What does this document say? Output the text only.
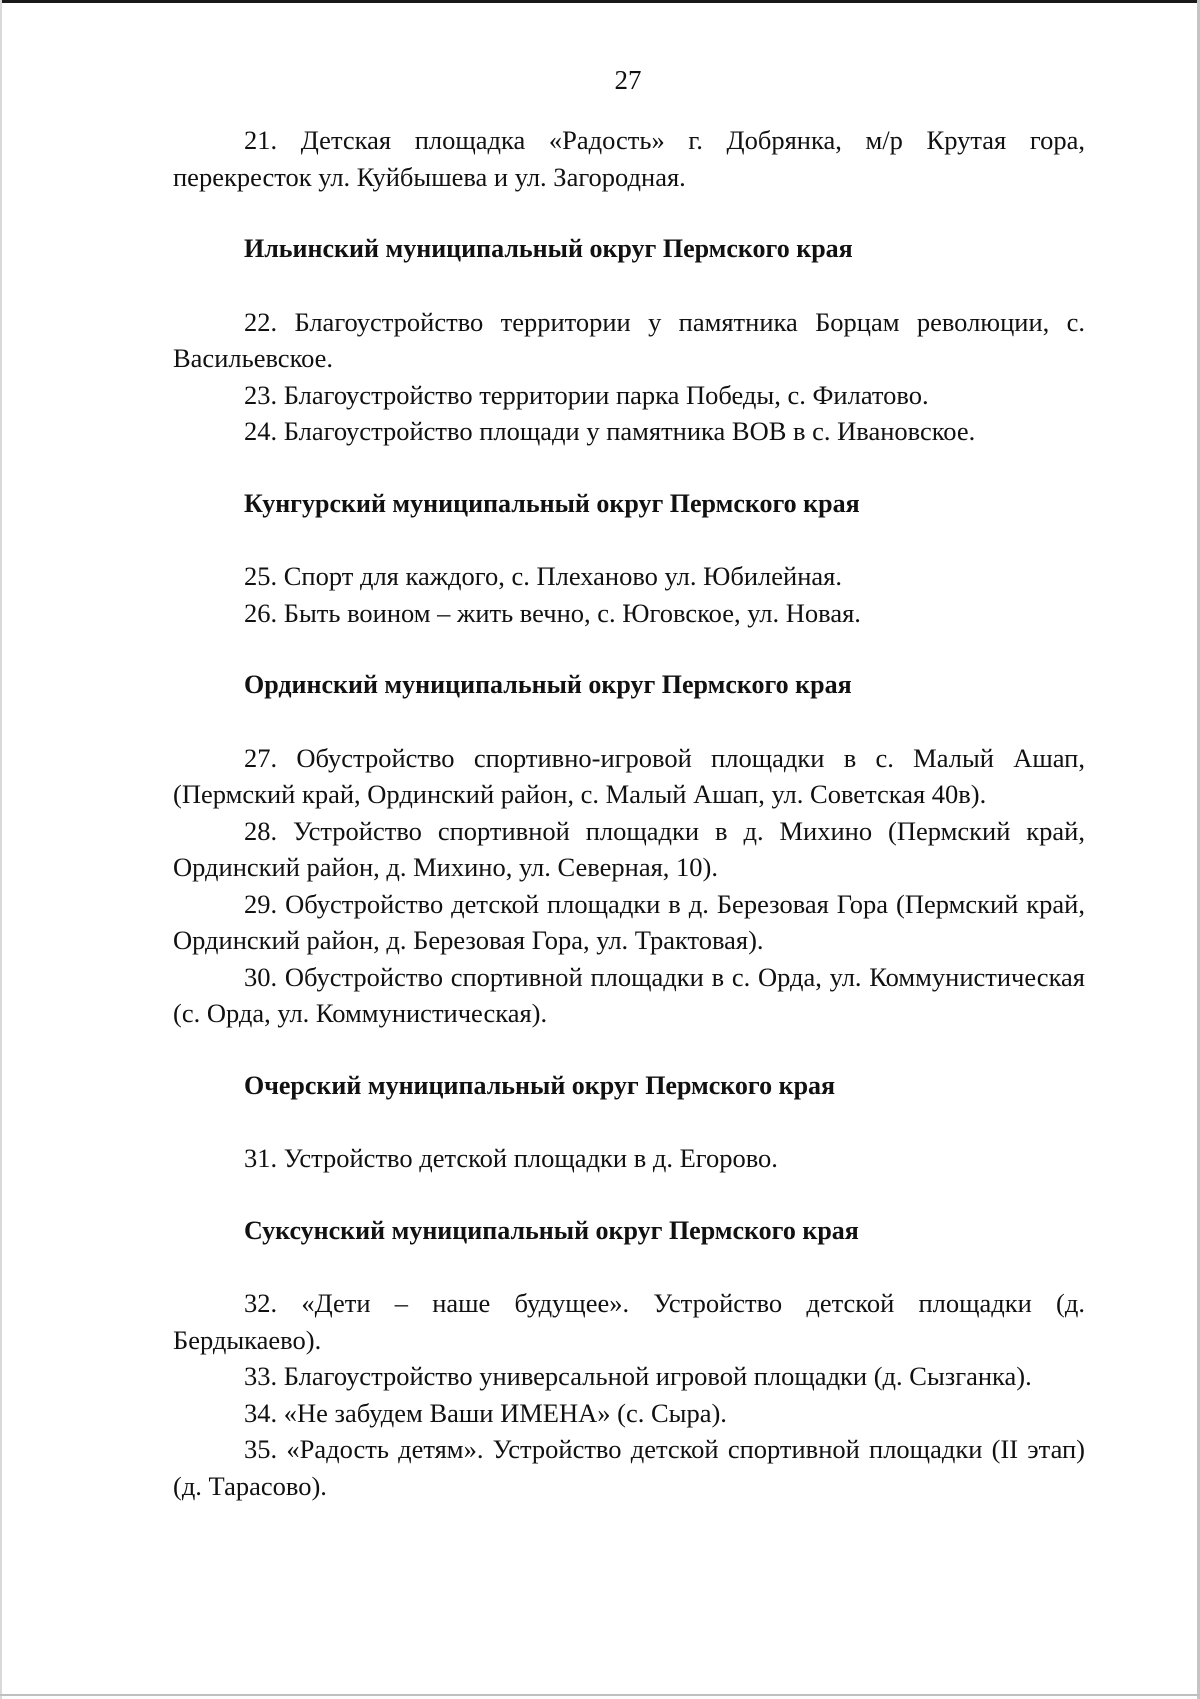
27

21. Детская площадка «Радость» г. Добрянка, м/р Крутая гора, перекресток ул. Куйбышева и ул. Загородная.

Ильинский муниципальный округ Пермского края

22. Благоустройство территории у памятника Борцам революции, с. Васильевское.

23. Благоустройство территории парка Победы, с. Филатово.

24. Благоустройство площади у памятника ВОВ в с. Ивановское.

Кунгурский муниципальный округ Пермского края

25. Спорт для каждого, с. Плеханово ул. Юбилейная.

26. Быть воином – жить вечно, с. Юговское, ул. Новая.

Ординский муниципальный округ Пермского края

27. Обустройство спортивно-игровой площадки в с. Малый Ашап, (Пермский край, Ординский район, с. Малый Ашап, ул. Советская 40в).

28. Устройство спортивной площадки в д. Михино (Пермский край, Ординский район, д. Михино, ул. Северная, 10).

29. Обустройство детской площадки в д. Березовая Гора (Пермский край, Ординский район, д. Березовая Гора, ул. Трактовая).

30. Обустройство спортивной площадки в с. Орда, ул. Коммунистическая (с. Орда, ул. Коммунистическая).

Очерский муниципальный округ Пермского края

31. Устройство детской площадки в д. Егорово.

Суксунский муниципальный округ Пермского края

32. «Дети – наше будущее». Устройство детской площадки (д. Бердыкаево).

33. Благоустройство универсальной игровой площадки (д. Сызганка).

34. «Не забудем Ваши ИМЕНА» (с. Сыра).

35. «Радость детям». Устройство детской спортивной площадки (II этап) (д. Тарасово).
